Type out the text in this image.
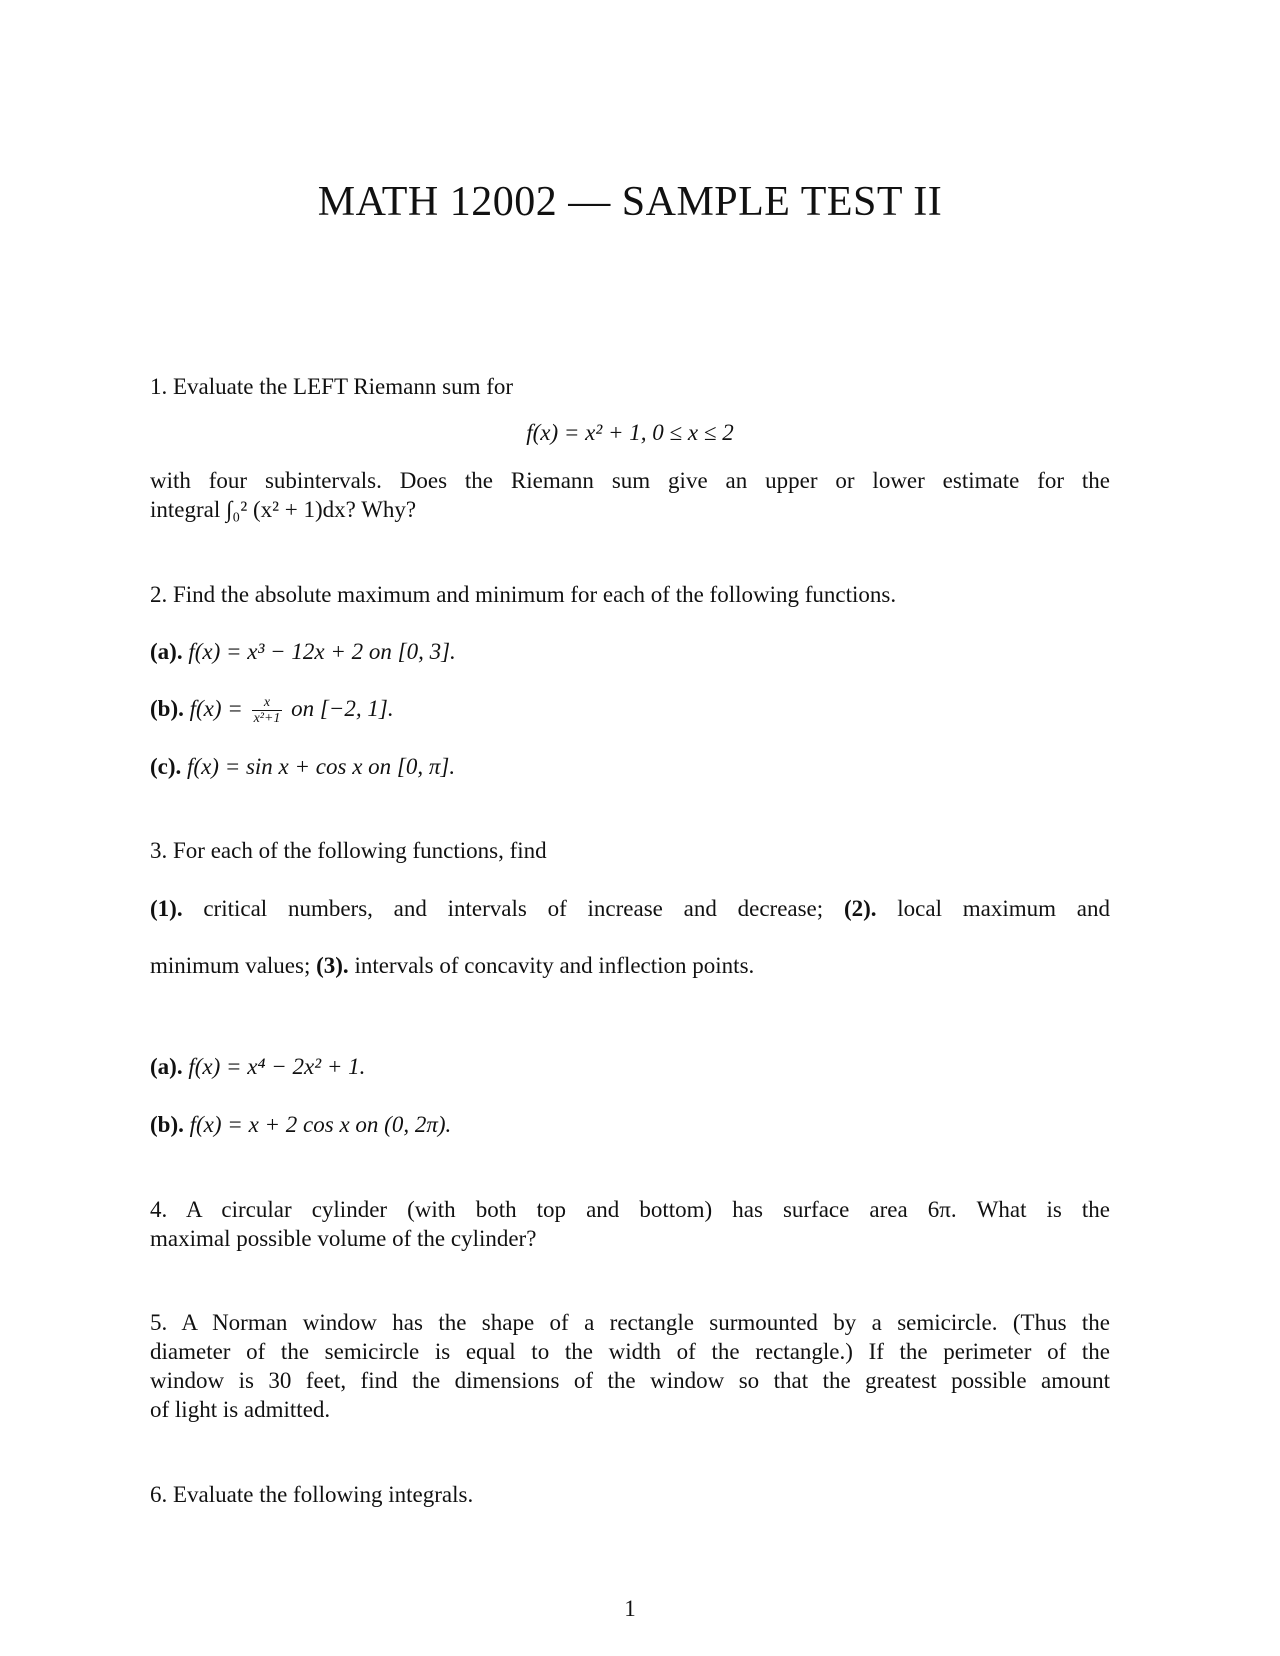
MATH 12002 — SAMPLE TEST II
1. Evaluate the LEFT Riemann sum for
f(x) = x² + 1, 0 ≤ x ≤ 2
with four subintervals. Does the Riemann sum give an upper or lower estimate for the
integral ∫₀² (x² + 1)dx? Why?
2. Find the absolute maximum and minimum for each of the following functions.
(a). f(x) = x³ − 12x + 2 on [0, 3].
(b). $f(x) = \frac{x}{\text{x²+1}}$ on [−2, 1].
(c). f(x) = sin x + cos x on [0, π].
3. For each of the following functions, find
(1). critical numbers, and intervals of increase and decrease; (2). local maximum and
minimum values; (3). intervals of concavity and inflection points.
(a). f(x) = x⁴ − 2x² + 1.
(b). f(x) = x + 2 cos x on (0, 2π).
4. A circular cylinder (with both top and bottom) has surface area 6π. What is the
maximal possible volume of the cylinder?
5. A Norman window has the shape of a rectangle surmounted by a semicircle. (Thus the
diameter of the semicircle is equal to the width of the rectangle.) If the perimeter of the
window is 30 feet, find the dimensions of the window so that the greatest possible amount
of light is admitted.
6. Evaluate the following integrals.
1
